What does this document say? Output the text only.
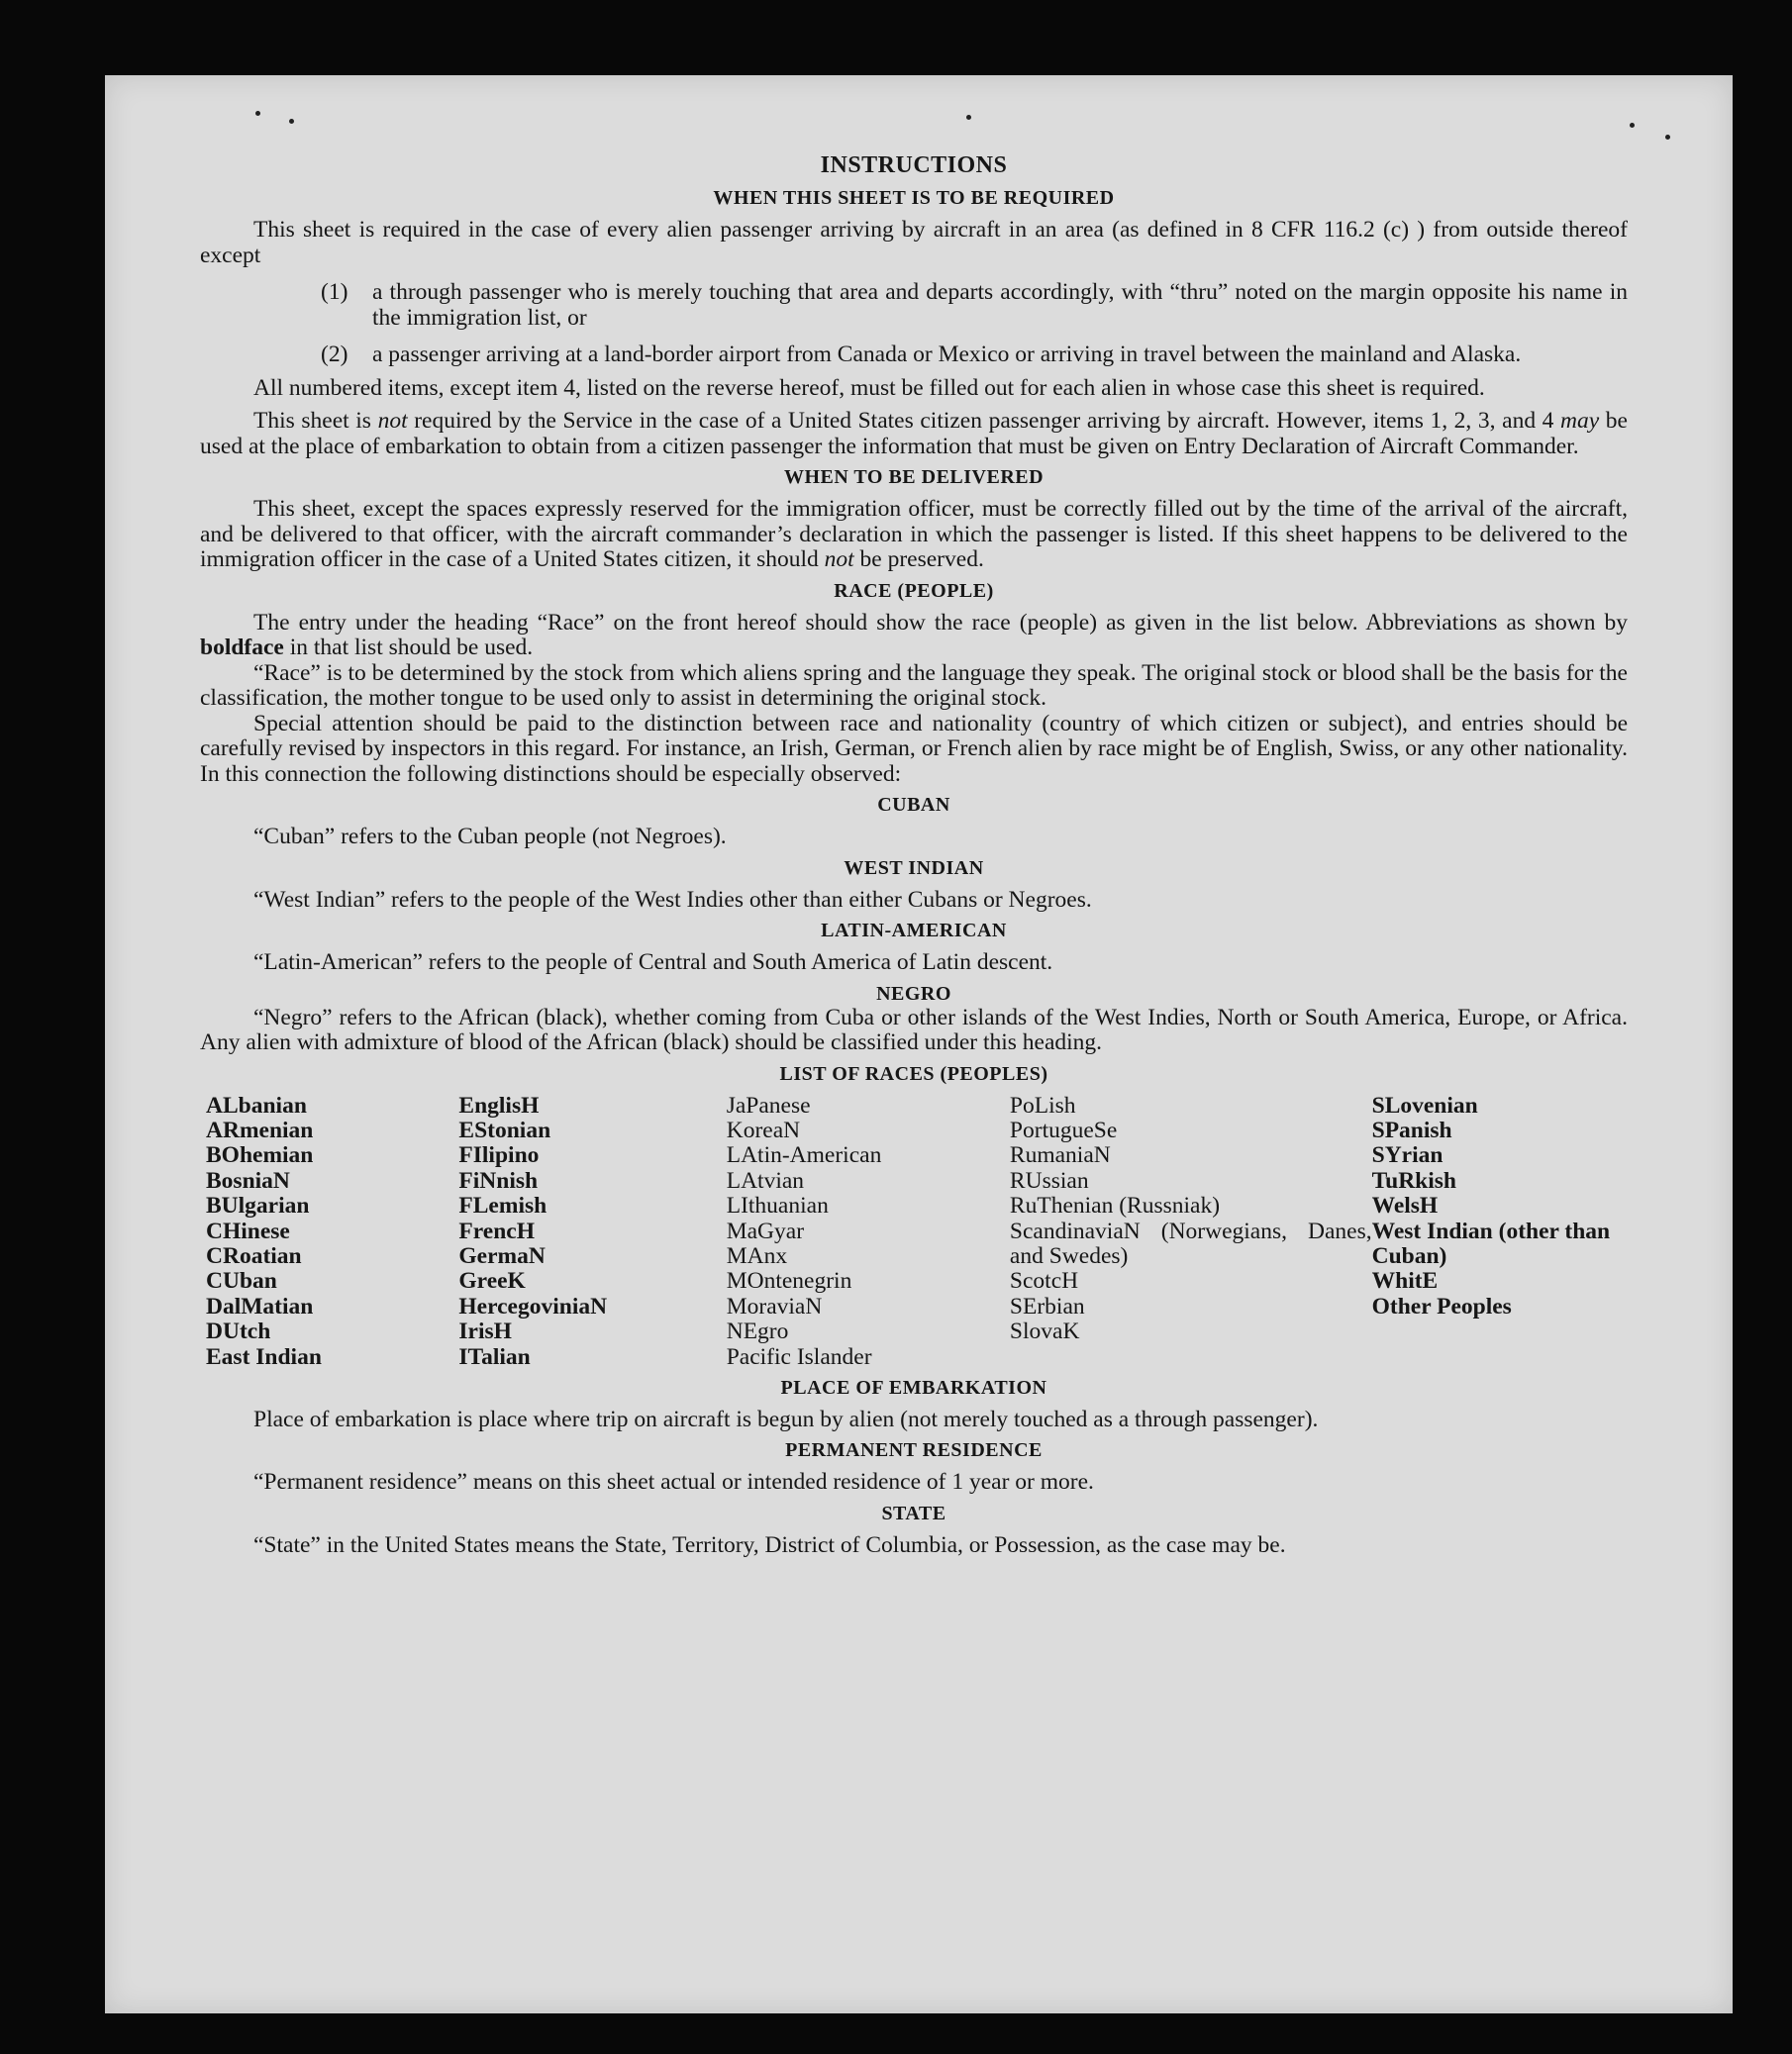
INSTRUCTIONS
WHEN THIS SHEET IS TO BE REQUIRED

This sheet is required in the case of every alien passenger arriving by aircraft in an area (as defined in 8 CFR 116.2 (c) ) from outside thereof except

(1)	a through passenger who is merely touching that area and departs accordingly, with “thru” noted on the margin opposite his name in the immigration list, or
(2)	a passenger arriving at a land-border airport from Canada or Mexico or arriving in travel between the mainland and Alaska.

All numbered items, except item 4, listed on the reverse hereof, must be filled out for each alien in whose case this sheet is required.

This sheet is not required by the Service in the case of a United States citizen passenger arriving by aircraft. However, items 1, 2, 3, and 4 may be used at the place of embarkation to obtain from a citizen passenger the information that must be given on Entry Declaration of Aircraft Commander.

WHEN TO BE DELIVERED

This sheet, except the spaces expressly reserved for the immigration officer, must be correctly filled out by the time of the arrival of the aircraft, and be delivered to that officer, with the aircraft commander’s declaration in which the passenger is listed. If this sheet happens to be delivered to the immigration officer in the case of a United States citizen, it should not be preserved.

RACE (PEOPLE)

The entry under the heading “Race” on the front hereof should show the race (people) as given in the list below. Abbreviations as shown by boldface in that list should be used.

“Race” is to be determined by the stock from which aliens spring and the language they speak. The original stock or blood shall be the basis for the classification, the mother tongue to be used only to assist in determining the original stock.

Special attention should be paid to the distinction between race and nationality (country of which citizen or subject), and entries should be carefully revised by inspectors in this regard. For instance, an Irish, German, or French alien by race might be of English, Swiss, or any other nationality. In this connection the following distinctions should be especially observed:

CUBAN

“Cuban” refers to the Cuban people (not Negroes).

WEST INDIAN

“West Indian” refers to the people of the West Indies other than either Cubans or Negroes.

LATIN-AMERICAN

“Latin-American” refers to the people of Central and South America of Latin descent.

NEGRO

“Negro” refers to the African (black), whether coming from Cuba or other islands of the West Indies, North or South America, Europe, or Africa. Any alien with admixture of blood of the African (black) should be classified under this heading.

LIST OF RACES (PEOPLES)
ALbanian
ARmenian
BOhemian
BosniaN
BUlgarian
CHinese
CRoatian
CUban
DalMatian
DUtch
East Indian
EnglisH
EStonian
FIlipino
FiNnish
FLemish
FrencH
GermaN
GreeK
HercegoviniaN
IrisH
ITalian
JaPanese
KoreaN
LAtin-American
LAtvian
LIthuanian
MaGyar
MAnx
MOntenegrin
MoraviaN
NEgro
Pacific Islander
PoLish
PortugueSe
RumaniaN
RUssian
RuThenian (Russniak)
ScandinaviaN (Norwegians, Danes, and Swedes)
ScotcH
SErbian
SlovaK
SLovenian
SPanish
SYrian
TuRkish
WelsH
West Indian (other than Cuban)
WhitE
Other Peoples
PLACE OF EMBARKATION

Place of embarkation is place where trip on aircraft is begun by alien (not merely touched as a through passenger).

PERMANENT RESIDENCE

“Permanent residence” means on this sheet actual or intended residence of 1 year or more.

STATE

“State” in the United States means the State, Territory, District of Columbia, or Possession, as the case may be.
